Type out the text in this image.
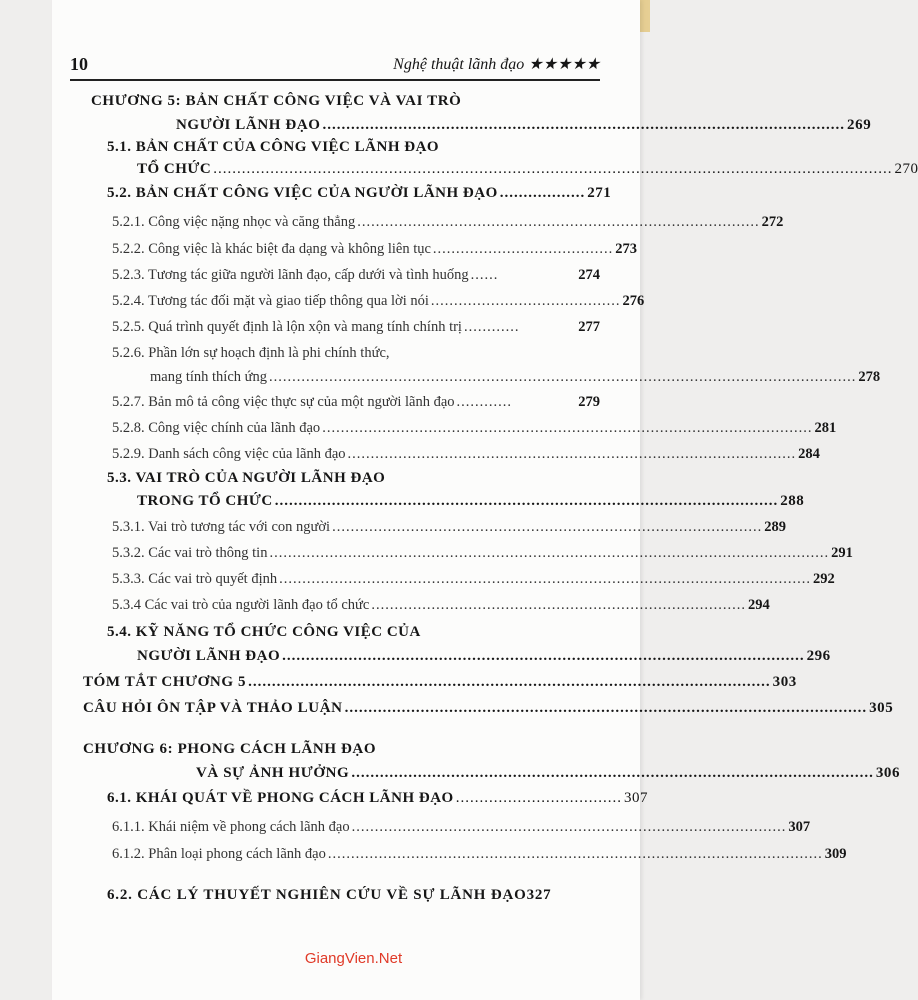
10	Nghệ thuật lãnh đạo ★★★★★
CHƯƠNG 5: BẢN CHẤT CÔNG VIỆC VÀ VAI TRÒ
NGƯỜI LÃNH ĐẠO .............................................................................................................. 269
5.1. BẢN CHẤT CỦA CÔNG VIỆC LÃNH ĐẠO
TỔ CHỨC ............................................................................................................................................... 270
5.2. BẢN CHẤT CÔNG VIỆC CỦA NGƯỜI LÃNH ĐẠO .................. 271
5.2.1. Công việc nặng nhọc và căng thẳng ....................................................................................... 272
5.2.2. Công việc là khác biệt đa dạng và không liên tục ....................................... 273
5.2.3. Tương tác giữa người lãnh đạo, cấp dưới và tình huống ......	274
5.2.4. Tương tác đối mặt và giao tiếp thông qua lời nói ......................................... 276
5.2.5. Quá trình quyết định là lộn xộn và mang tính chính trị ............	277
5.2.6. Phần lớn sự hoạch định là phi chính thức,
mang tính thích ứng ............................................................................................................................... 278
5.2.7. Bản mô tả công việc thực sự của một người lãnh đạo ............	279
5.2.8. Công việc chính của lãnh đạo .......................................................................................................... 281
5.2.9. Danh sách công việc của lãnh đạo ................................................................................................. 284
5.3. VAI TRÒ CỦA NGƯỜI LÃNH ĐẠO
TRONG TỔ CHỨC .......................................................................................................... 288
5.3.1. Vai trò tương tác với con người ............................................................................................. 289
5.3.2. Các vai trò thông tin ......................................................................................................................... 291
5.3.3. Các vai trò quyết định ................................................................................................................... 292
5.3.4 Các vai trò của người lãnh đạo tổ chức ................................................................................. 294
5.4. KỸ NĂNG TỔ CHỨC CÔNG VIỆC CỦA
NGƯỜI LÃNH ĐẠO .............................................................................................................. 296
TÓM TẮT CHƯƠNG 5 .............................................................................................................. 303
CÂU HỎI ÔN TẬP VÀ THẢO LUẬN .............................................................................................................. 305
CHƯƠNG 6: PHONG CÁCH LÃNH ĐẠO
VÀ SỰ ẢNH HƯỞNG .............................................................................................................. 306
6.1. KHÁI QUÁT VỀ PHONG CÁCH LÃNH ĐẠO ................................... 307
6.1.1. Khái niệm về phong cách lãnh đạo .............................................................................................. 307
6.1.2. Phân loại phong cách lãnh đạo ........................................................................................................... 309
6.2. CÁC LÝ THUYẾT NGHIÊN CỨU VỀ SỰ LÃNH ĐẠO327
GiangVien.Net
